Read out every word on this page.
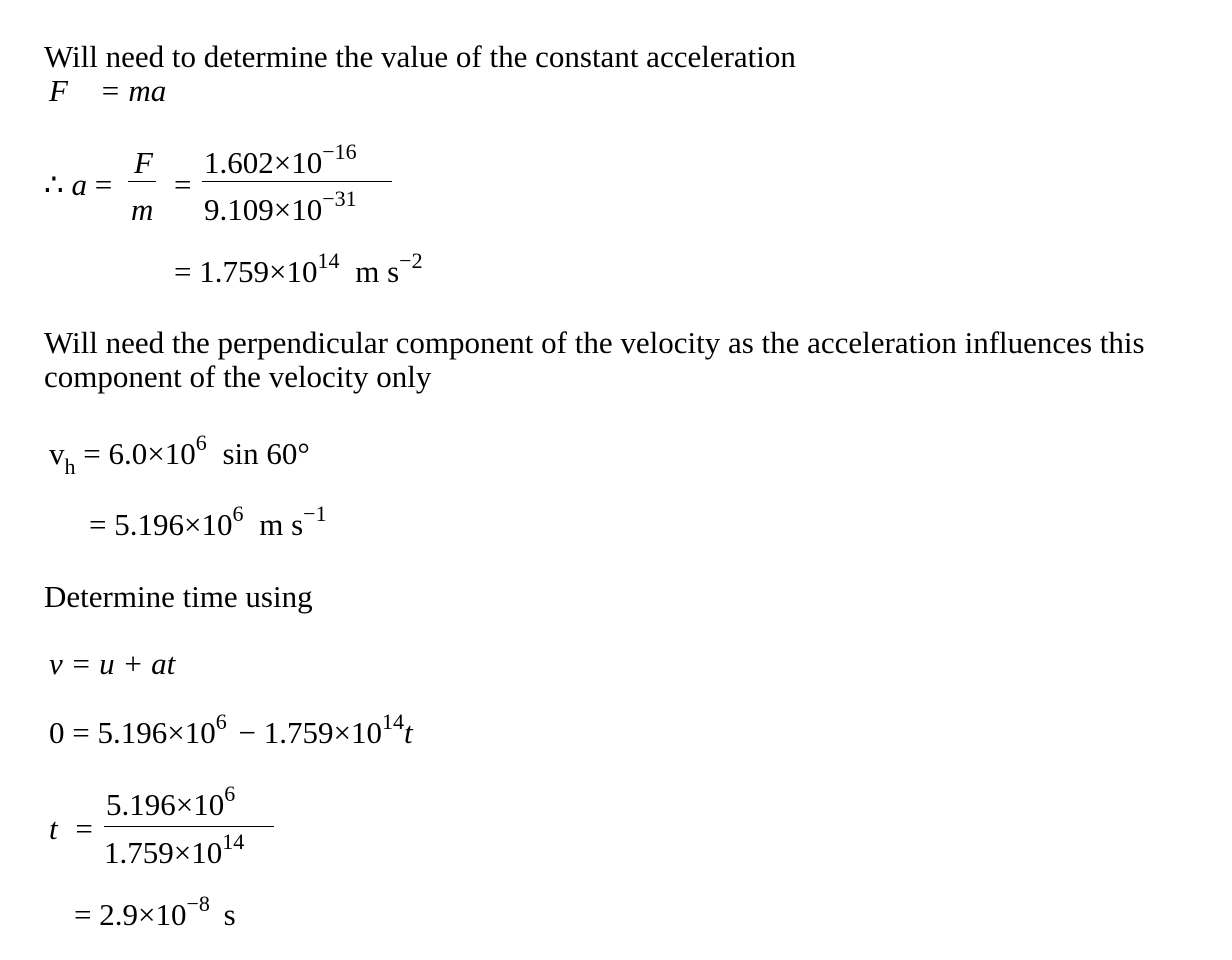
Will need to determine the value of the constant acceleration
F = ma
∴ a =
F
m
=
$1.602\times 10^{-16}$
$9.109\times 10^{-31}$
= $1.759\times 10^{14}$ m $s^{-2}$
Will need the perpendicular component of the velocity as the acceleration influences this
component of the velocity only
$v_h = 6.0\times 10^6$ sin 60°
= $5.196\times 10^6$ m $s^{-1}$
Determine time using
v = u + at
$0 = 5.196\times 10^6 - 1.759\times 10^{14}t$
t =
$5.196\times 10^6$
$1.759\times 10^{14}$
= $2.9\times 10^{-8}$ s
